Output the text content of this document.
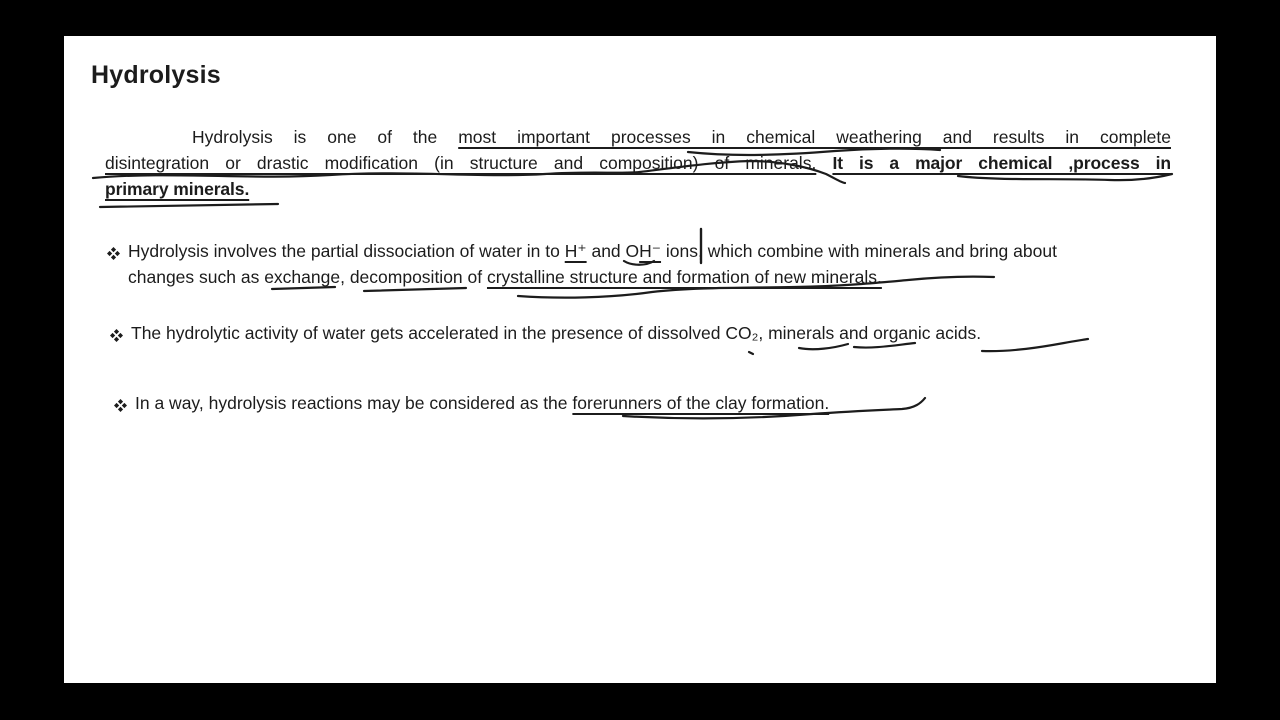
Hydrolysis
Hydrolysis is one of the most important processes in chemical weathering and results in complete
disintegration or drastic modification (in structure and composition) of minerals. It is a major chemical ,process in
primary minerals.
Hydrolysis involves the partial dissociation of water in to H⁺ and OH⁻ ions, which combine with minerals and bring about
changes such as exchange, decomposition of crystalline structure and formation of new minerals.
The hydrolytic activity of water gets accelerated in the presence of dissolved CO₂, minerals and organic acids.
In a way, hydrolysis reactions may be considered as the forerunners of the clay formation.
